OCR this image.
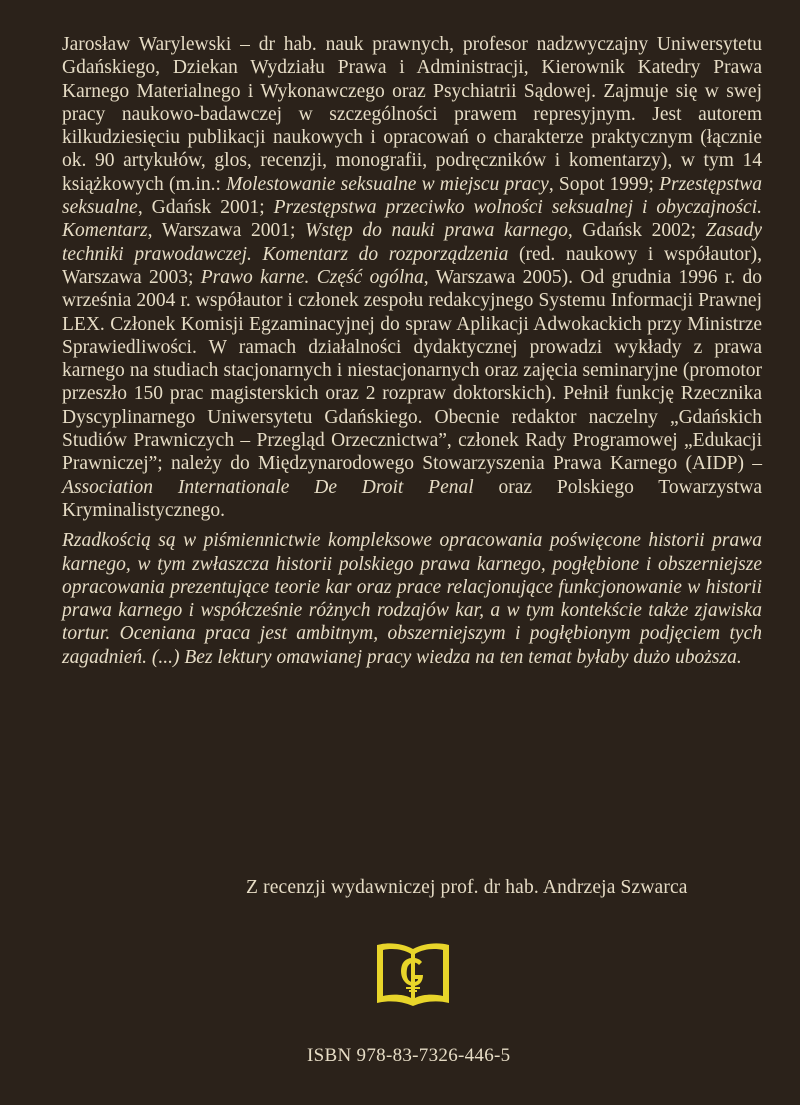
Jarosław Warylewski – dr hab. nauk prawnych, profesor nadzwyczajny Uniwersytetu Gdańskiego, Dziekan Wydziału Prawa i Administracji, Kierownik Katedry Prawa Karnego Materialnego i Wykonawczego oraz Psychiatrii Sądowej. Zajmuje się w swej pracy naukowo-badawczej w szczególności prawem represyjnym. Jest autorem kilkudziesięciu publikacji naukowych i opracowań o charakterze praktycznym (łącznie ok. 90 artykułów, glos, recenzji, monografii, podręczników i komentarzy), w tym 14 książkowych (m.in.: Molestowanie seksualne w miejscu pracy, Sopot 1999; Przestępstwa seksualne, Gdańsk 2001; Przestępstwa przeciwko wolności seksualnej i obyczajności. Komentarz, Warszawa 2001; Wstęp do nauki prawa karnego, Gdańsk 2002; Zasady techniki prawodawczej. Komentarz do rozporządzenia (red. naukowy i współautor), Warszawa 2003; Prawo karne. Część ogólna, Warszawa 2005). Od grudnia 1996 r. do września 2004 r. współautor i członek zespołu redakcyjnego Systemu Informacji Prawnej LEX. Członek Komisji Egzaminacyjnej do spraw Aplikacji Adwokackich przy Ministrze Sprawiedliwości. W ramach działalności dydaktycznej prowadzi wykłady z prawa karnego na studiach stacjonarnych i niestacjonarnych oraz zajęcia seminaryjne (promotor przeszło 150 prac magisterskich oraz 2 rozpraw doktorskich). Pełnił funkcję Rzecznika Dyscyplinarnego Uniwersytetu Gdańskiego. Obecnie redaktor naczelny „Gdańskich Studiów Prawniczych – Przegląd Orzecznictwa”, członek Rady Programowej „Edukacji Prawniczej”; należy do Międzynarodowego Stowarzyszenia Prawa Karnego (AIDP) – Association Internationale De Droit Penal oraz Polskiego Towarzystwa Kryminalistycznego.

Rzadkością są w piśmiennictwie kompleksowe opracowania poświęcone historii prawa karnego, w tym zwłaszcza historii polskiego prawa karnego, pogłębione i obszerniejsze opracowania prezentujące teorie kar oraz prace relacjonujące funkcjonowanie w historii prawa karnego i współcześnie różnych rodzajów kar, a w tym kontekście także zjawiska tortur. Oceniana praca jest ambitnym, obszerniejszym i pogłębionym podjęciem tych zagadnień. (...) Bez lektury omawianej pracy wiedza na ten temat byłaby dużo uboższa.

Z recenzji wydawniczej prof. dr hab. Andrzeja Szwarca
ISBN 978-83-7326-446-5
